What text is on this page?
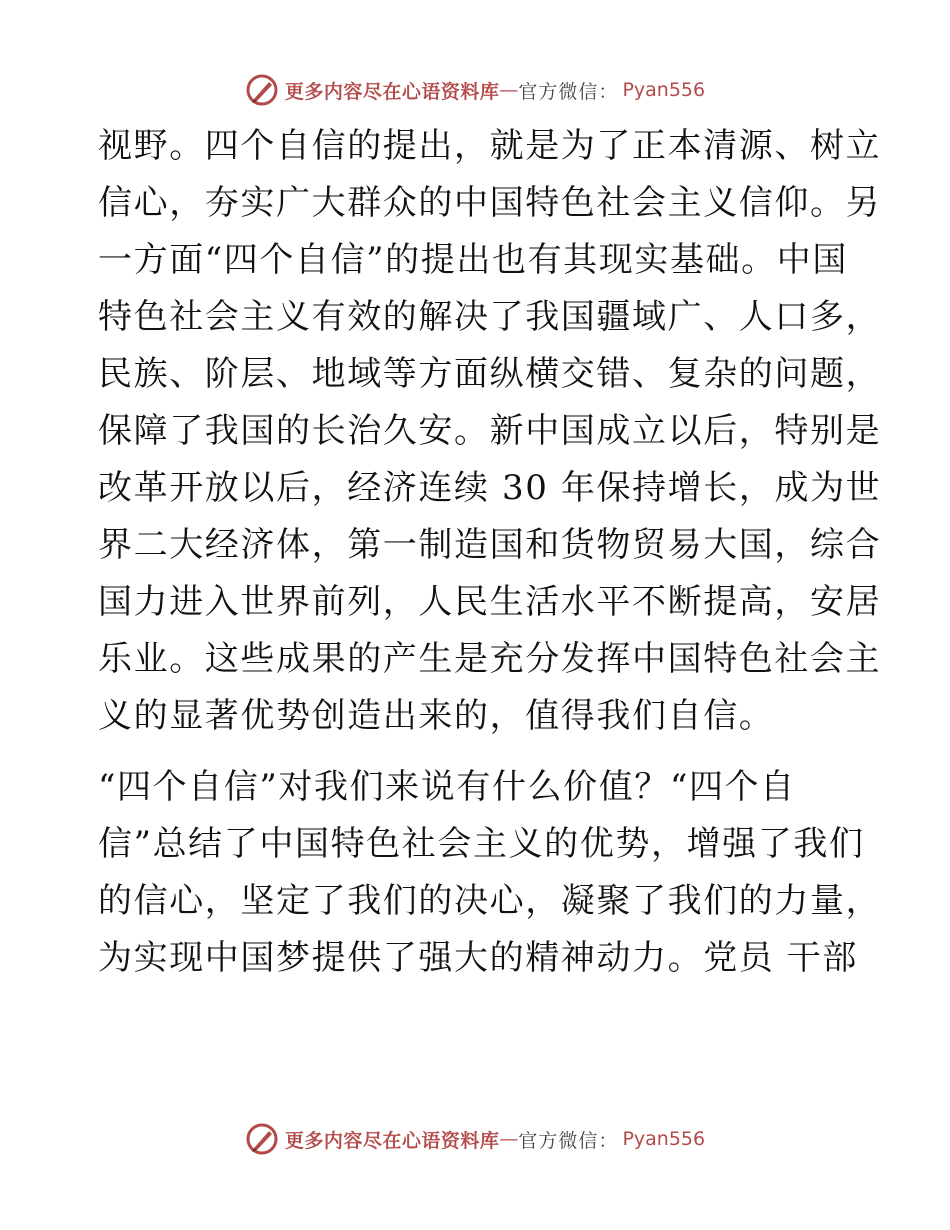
更多内容尽在心语资料库 — 官方微信： Pyan556
视野。四个自信的提出，就是为了正本清源、树立
信心，夯实广大群众的中国特色社会主义信仰。另
一方面“四个自信”的提出也有其现实基础。中国
特色社会主义有效的解决了我国疆域广、人口多，
民族、阶层、地域等方面纵横交错、复杂的问题，
保障了我国的长治久安。新中国成立以后，特别是
改革开放以后，经济连续 30 年保持增长，成为世
界二大经济体，第一制造国和货物贸易大国，综合
国力进入世界前列，人民生活水平不断提高，安居
乐业。这些成果的产生是充分发挥中国特色社会主
义的显著优势创造出来的，值得我们自信。
“四个自信”对我们来说有什么价值？“四个自
信”总结了中国特色社会主义的优势，增强了我们
的信心，坚定了我们的决心，凝聚了我们的力量，
为实现中国梦提供了强大的精神动力。党员 干部
更多内容尽在心语资料库 — 官方微信： Pyan556
